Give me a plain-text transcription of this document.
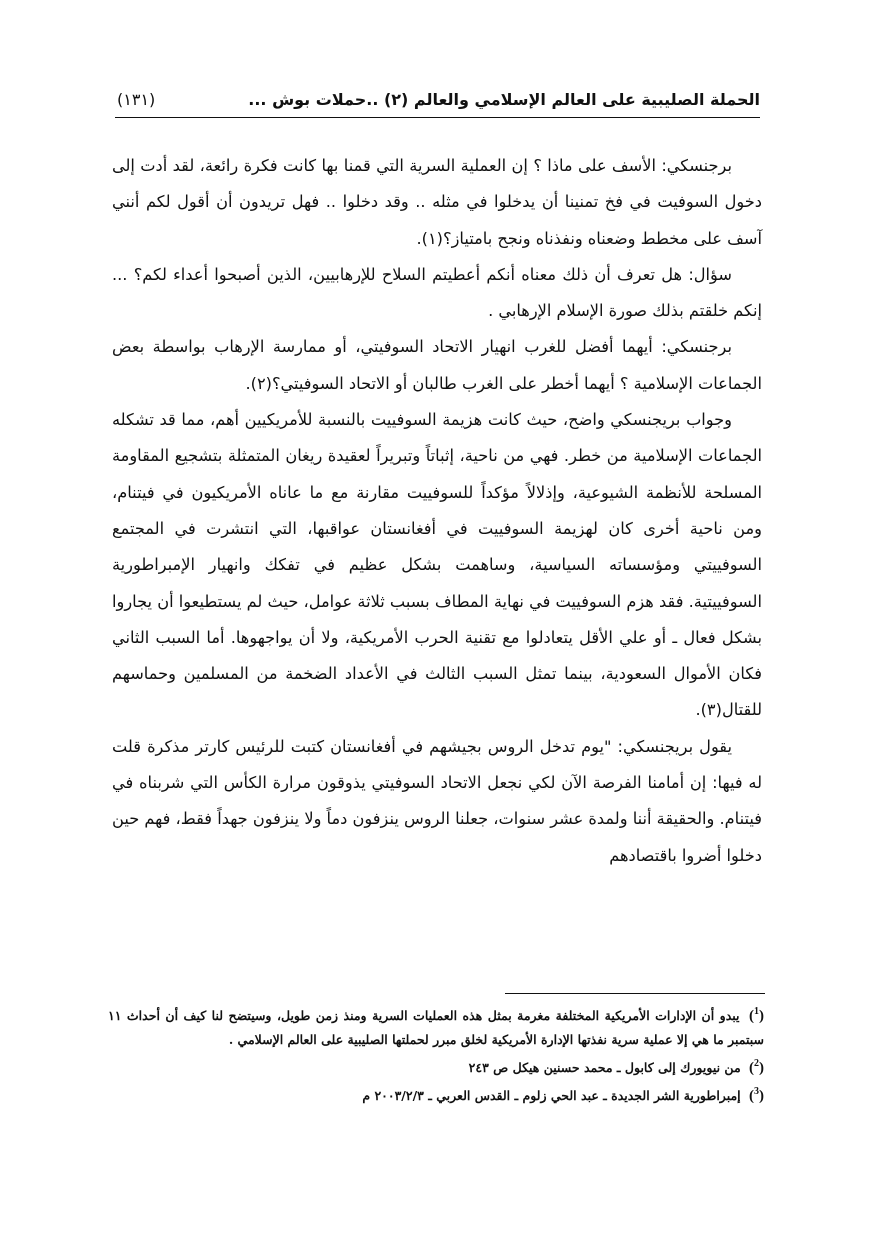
الحملة الصليبية على العالم الإسلامي والعالم (٢) ..حملات بوش ...
(١٣١)

برجنسكي: الأسف على ماذا ؟ إن العملية السرية التي قمنا بها كانت فكرة رائعة، لقد أدت إلى دخول السوفيت في فخ تمنينا أن يدخلوا في مثله .. وقد دخلوا .. فهل تريدون أن أقول لكم أنني آسف على مخطط وضعناه ونفذناه ونجح بامتياز؟(١).

سؤال: هل تعرف أن ذلك معناه أنكم أعطيتم السلاح للإرهابيين، الذين أصبحوا أعداء لكم؟ ... إنكم خلقتم بذلك صورة الإسلام الإرهابي .

برجنسكي: أيهما أفضل للغرب انهيار الاتحاد السوفيتي، أو ممارسة الإرهاب بواسطة بعض الجماعات الإسلامية ؟ أيهما أخطر على الغرب طالبان أو الاتحاد السوفيتي؟(٢).

وجواب بريجنسكي واضح، حيث كانت هزيمة السوفييت بالنسبة للأمريكيين أهم، مما قد تشكله الجماعات الإسلامية من خطر. فهي من ناحية، إثباتاً وتبريراً لعقيدة ريغان المتمثلة بتشجيع المقاومة المسلحة للأنظمة الشيوعية، وإذلالاً مؤكداً للسوفييت مقارنة مع ما عاناه الأمريكيون في فيتنام، ومن ناحية أخرى كان لهزيمة السوفييت في أفغانستان عواقبها، التي انتشرت في المجتمع السوفييتي ومؤسساته السياسية، وساهمت بشكل عظيم في تفكك وانهيار الإمبراطورية السوفييتية. فقد هزم السوفييت في نهاية المطاف بسبب ثلاثة عوامل، حيث لم يستطيعوا أن يجاروا بشكل فعال ـ أو علي الأقل يتعادلوا مع تقنية الحرب الأمريكية، ولا أن يواجهوها. أما السبب الثاني فكان الأموال السعودية، بينما تمثل السبب الثالث في الأعداد الضخمة من المسلمين وحماسهم للقتال(٣).

يقول بريجنسكي: "يوم تدخل الروس بجيشهم في أفغانستان كتبت للرئيس كارتر مذكرة قلت له فيها: إن أمامنا الفرصة الآن لكي نجعل الاتحاد السوفيتي يذوقون مرارة الكأس التي شربناه في فيتنام. والحقيقة أننا ولمدة عشر سنوات، جعلنا الروس ينزفون دماً ولا ينزفون جهداً فقط، فهم حين دخلوا أضروا باقتصادهم

($^1$) يبدو أن الإدارات الأمريكية المختلفة مغرمة بمثل هذه العمليات السرية ومنذ زمن طويل، وسيتضح لنا كيف أن أحداث ١١ سبتمبر ما هي إلا عملية سرية نفذتها الإدارة الأمريكية لخلق مبرر لحملتها الصليبية على العالم الإسلامي .

($^2$) من نيويورك إلى كابول ـ محمد حسنين هيكل ص ٢٤٣

($^3$) إمبراطورية الشر الجديدة ـ عبد الحي زلوم ـ القدس العربي ـ ٢٠٠٣/٢/٣ م
